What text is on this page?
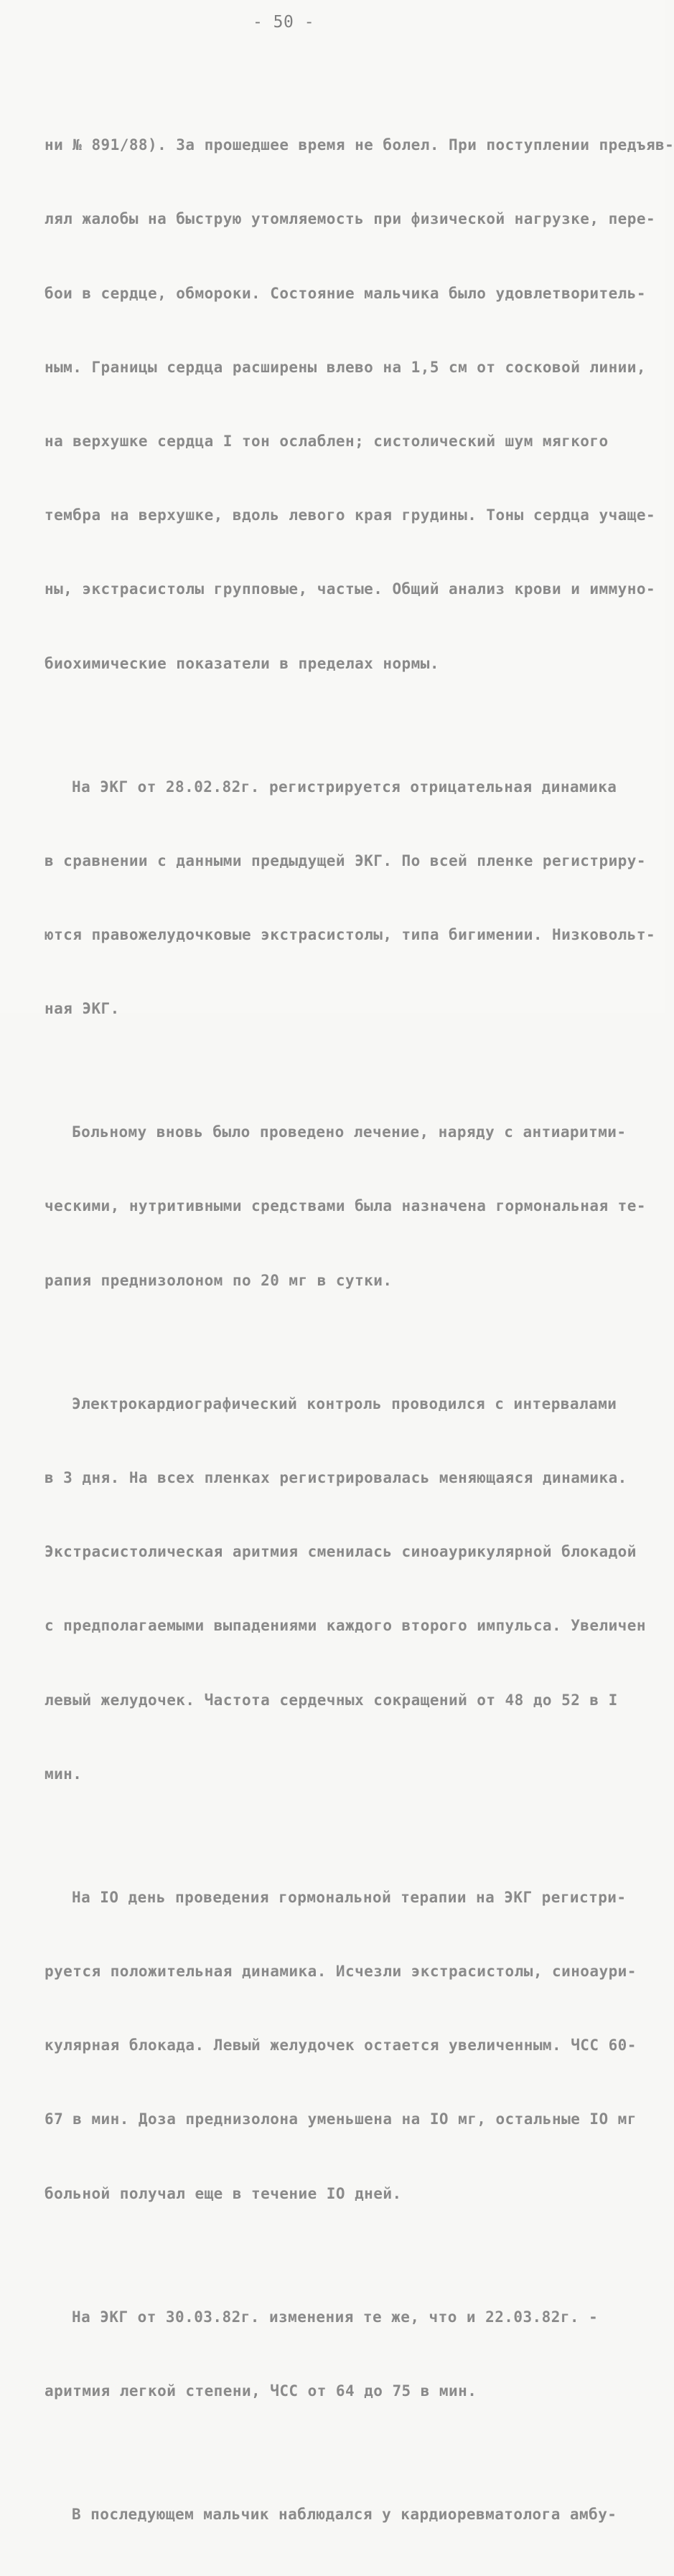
- 50 -

ни № 891/88). За прошедшее время не болел. При поступлении предъяв-

лял жалобы на быструю утомляемость при физической нагрузке, пере-

бои в сердце, обмороки. Состояние мальчика было удовлетворитель-

ным. Границы сердца расширены влево на 1,5 см от сосковой линии,

на верхушке сердца I тон ослаблен; систолический шум мягкого

тембра на верхушке, вдоль левого края грудины. Тоны сердца учаще-

ны, экстрасистолы групповые, частые. Общий анализ крови и иммуно-

биохимические показатели в пределах нормы.

На ЭКГ от 28.02.82г. регистрируется отрицательная динамика

в сравнении с данными предыдущей ЭКГ. По всей пленке регистриру-

ются правожелудочковые экстрасистолы, типа бигимении. Низковольт-

ная ЭКГ.

Больному вновь было проведено лечение, наряду с антиаритми-

ческими, нутритивными средствами была назначена гормональная те-

рапия преднизолоном по 20 мг в сутки.

Электрокардиографический контроль проводился с интервалами

в 3 дня. На всех пленках регистрировалась меняющаяся динамика.

Экстрасистолическая аритмия сменилась синоаурикулярной блокадой

с предполагаемыми выпадениями каждого второго импульса. Увеличен

левый желудочек. Частота сердечных сокращений от 48 до 52 в I

мин.

На IO день проведения гормональной терапии на ЭКГ регистри-

руется положительная динамика. Исчезли экстрасистолы, синоаури-

кулярная блокада. Левый желудочек остается увеличенным. ЧСС 60-

67 в мин. Доза преднизолона уменьшена на IO мг, остальные IO мг

больной получал еще в течение IO дней.

На ЭКГ от 30.03.82г. изменения те же, что и 22.03.82г. -

аритмия легкой степени, ЧСС от 64 до 75 в мин.

В последующем мальчик наблюдался у кардиоревматолога амбу-
